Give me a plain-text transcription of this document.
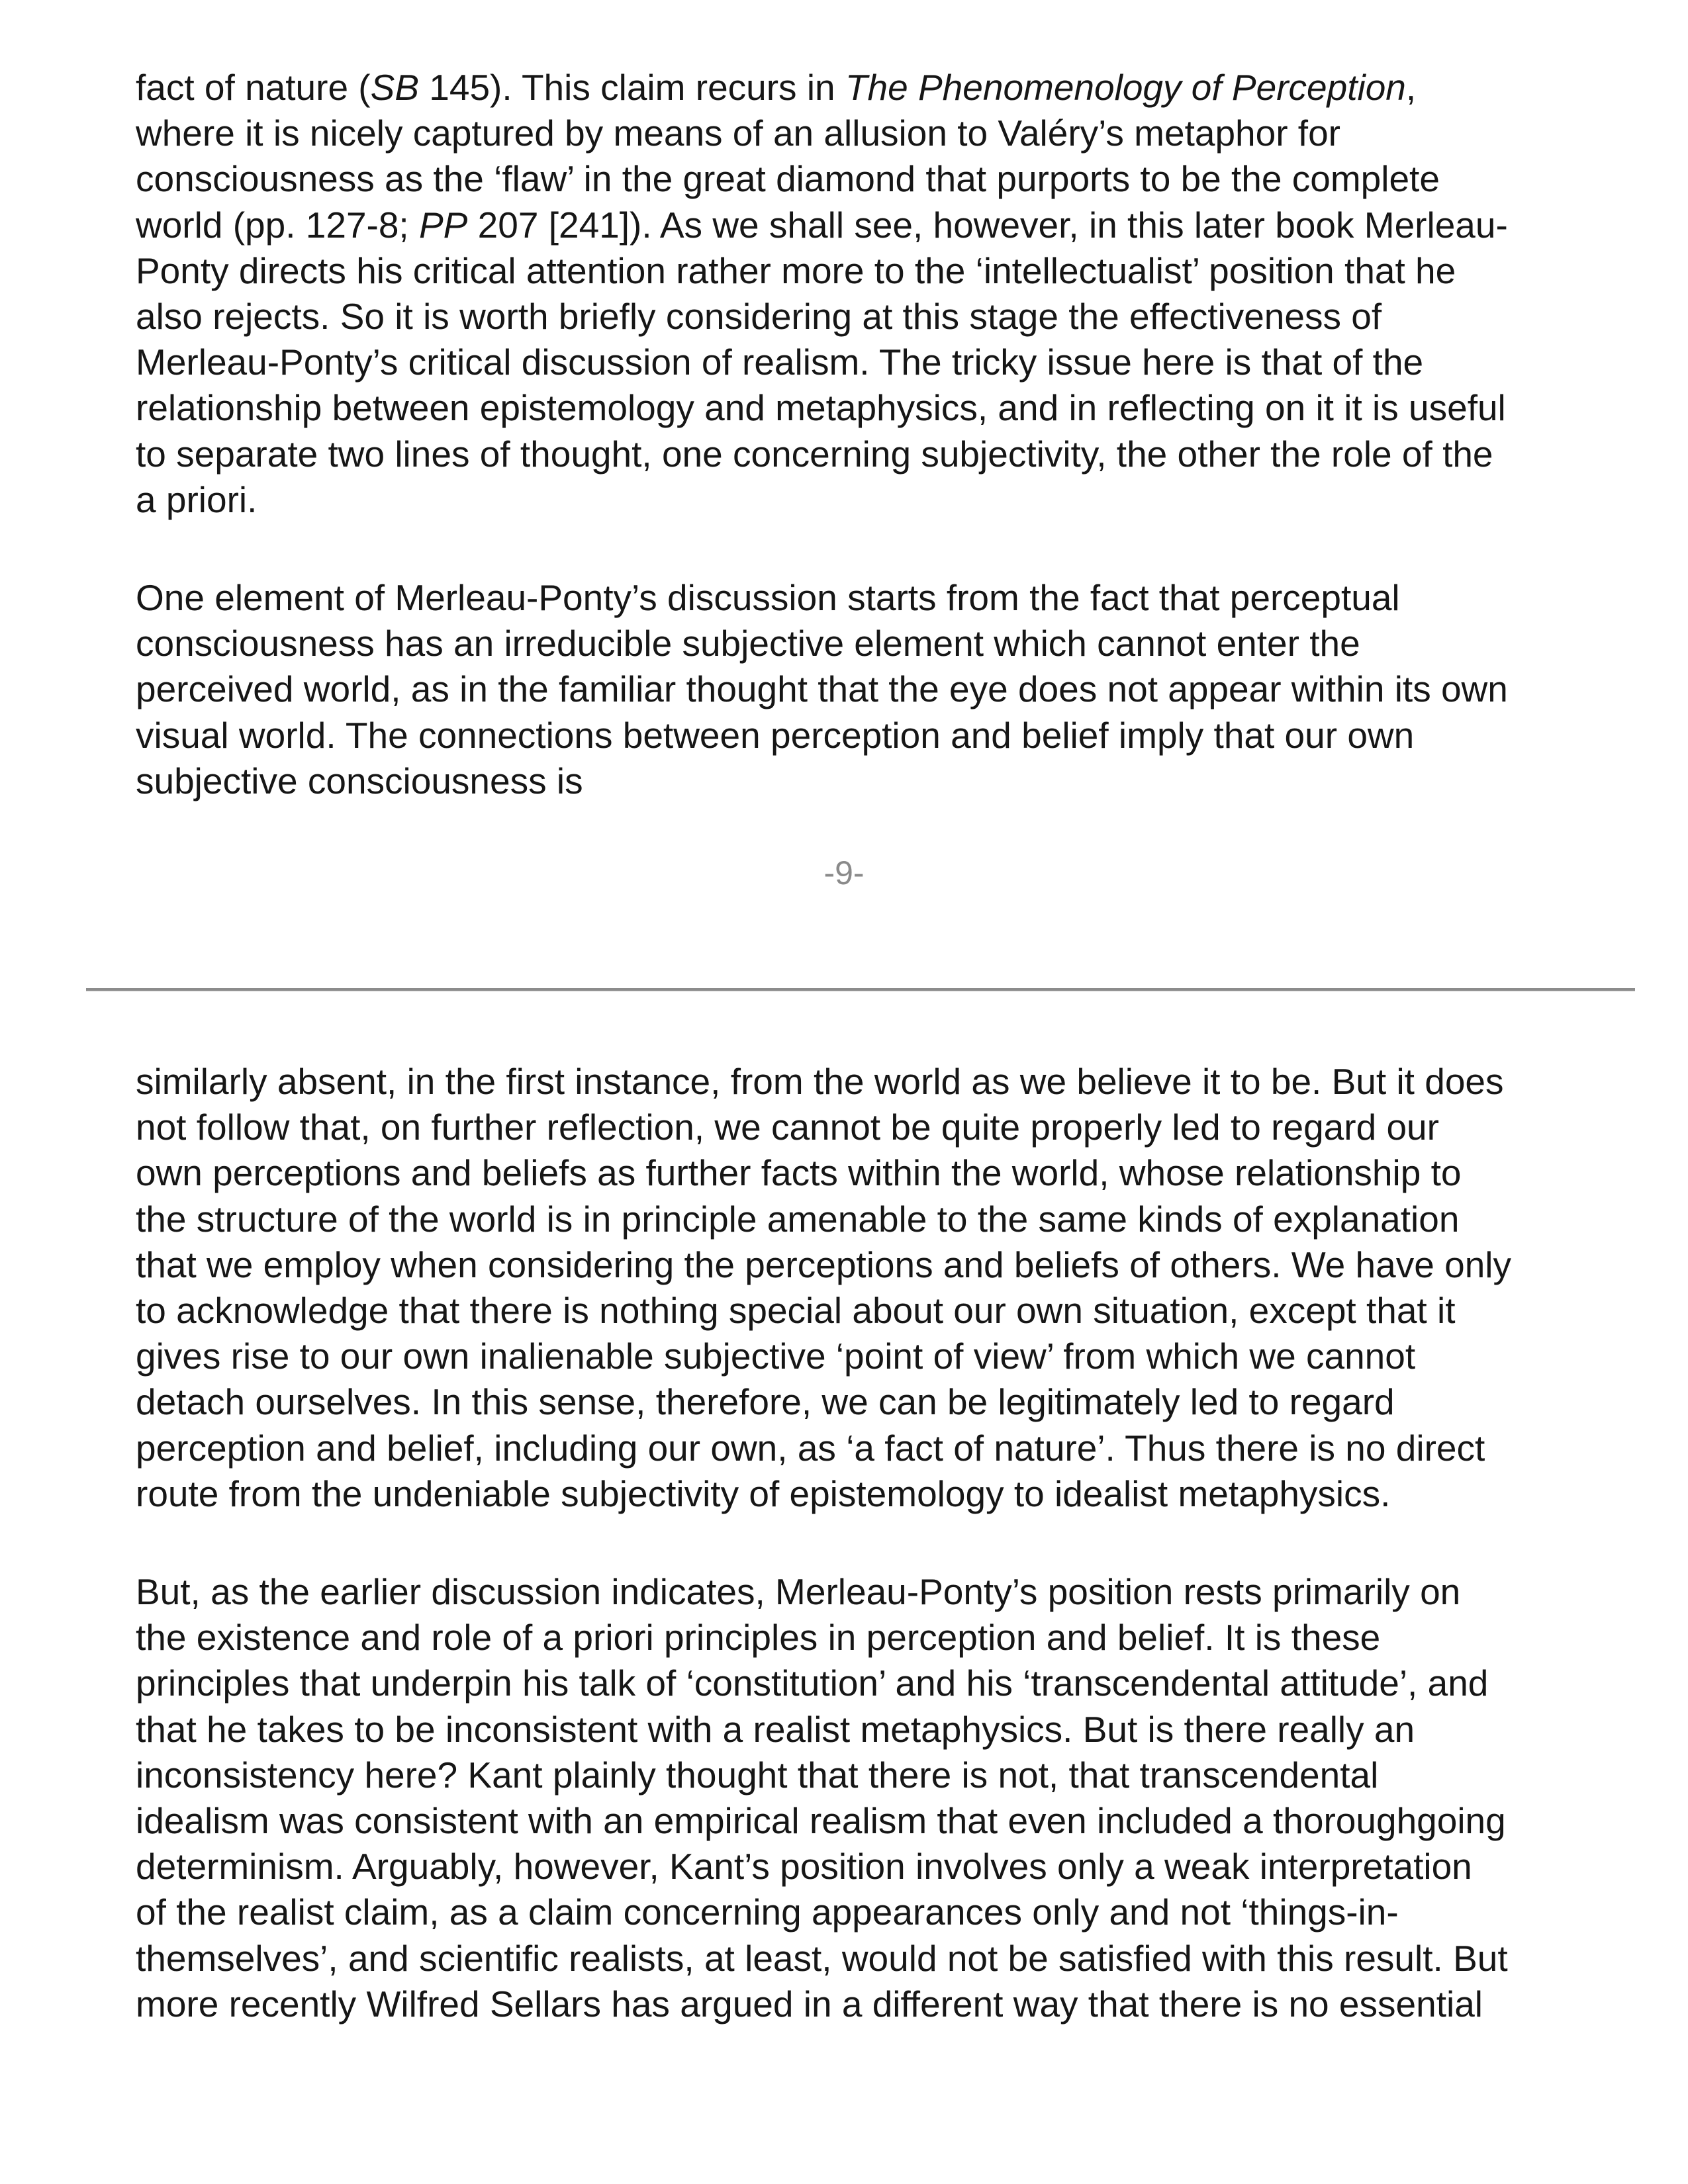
fact of nature (SB 145). This claim recurs in The Phenomenology of Perception,
where it is nicely captured by means of an allusion to Valéry’s metaphor for
consciousness as the ‘flaw’ in the great diamond that purports to be the complete
world (pp. 127-8; PP 207 [241]). As we shall see, however, in this later book Merleau-
Ponty directs his critical attention rather more to the ‘intellectualist’ position that he
also rejects. So it is worth briefly considering at this stage the effectiveness of
Merleau-Ponty’s critical discussion of realism. The tricky issue here is that of the
relationship between epistemology and metaphysics, and in reflecting on it it is useful
to separate two lines of thought, one concerning subjectivity, the other the role of the
a priori.

One element of Merleau-Ponty’s discussion starts from the fact that perceptual
consciousness has an irreducible subjective element which cannot enter the
perceived world, as in the familiar thought that the eye does not appear within its own
visual world. The connections between perception and belief imply that our own
subjective consciousness is

-9-

similarly absent, in the first instance, from the world as we believe it to be. But it does
not follow that, on further reflection, we cannot be quite properly led to regard our
own perceptions and beliefs as further facts within the world, whose relationship to
the structure of the world is in principle amenable to the same kinds of explanation
that we employ when considering the perceptions and beliefs of others. We have only
to acknowledge that there is nothing special about our own situation, except that it
gives rise to our own inalienable subjective ‘point of view’ from which we cannot
detach ourselves. In this sense, therefore, we can be legitimately led to regard
perception and belief, including our own, as ‘a fact of nature’. Thus there is no direct
route from the undeniable subjectivity of epistemology to idealist metaphysics.

But, as the earlier discussion indicates, Merleau-Ponty’s position rests primarily on
the existence and role of a priori principles in perception and belief. It is these
principles that underpin his talk of ‘constitution’ and his ‘transcendental attitude’, and
that he takes to be inconsistent with a realist metaphysics. But is there really an
inconsistency here? Kant plainly thought that there is not, that transcendental
idealism was consistent with an empirical realism that even included a thoroughgoing
determinism. Arguably, however, Kant’s position involves only a weak interpretation
of the realist claim, as a claim concerning appearances only and not ‘things-in-
themselves’, and scientific realists, at least, would not be satisfied with this result. But
more recently Wilfred Sellars has argued in a different way that there is no essential
